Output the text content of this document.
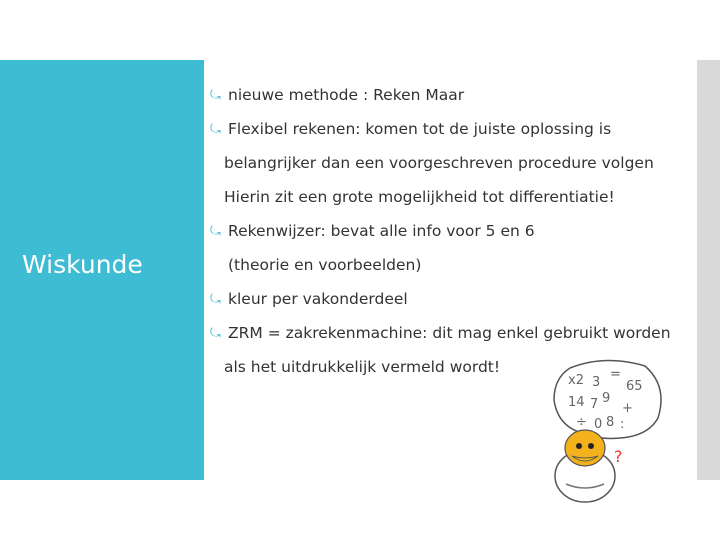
Wiskunde
⤿ nieuwe methode : Reken Maar
⤿ Flexibel rekenen: komen tot de juiste oplossing is
belangrijker dan een voorgeschreven procedure volgen
Hierin zit een grote mogelijkheid tot differentiatie!
⤿ Rekenwijzer: bevat alle info voor 5 en 6
(theorie en voorbeelden)
⤿ kleur per vakonderdeel
⤿ ZRM = zakrekenmachine: dit mag enkel gebruikt worden
als het uitdrukkelijk vermeld wordt!
x2 3
=
65
14 7 9
+
÷ 0 8 :
?
